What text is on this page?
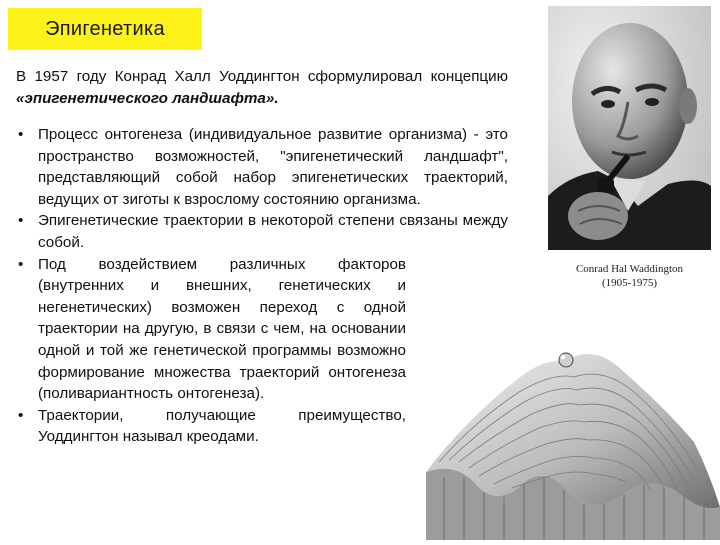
Эпигенетика
В 1957 году Конрад Халл Уоддингтон сформулировал концепцию «эпигенетического ландшафта».
• Процесс онтогенеза (индивидуальное развитие организма) - это пространство возможностей, "эпигенетический ландшафт", представляющий собой набор эпигенетических траекторий, ведущих от зиготы к взрослому состоянию организма.
• Эпигенетические траектории в некоторой степени связаны между собой.
• Под воздействием различных факторов (внутренних и внешних, генетических и негенетических) возможен переход с одной траектории на другую, в связи с чем, на основании одной и той же генетической программы возможно формирование множества траекторий онтогенеза (поливариантность онтогенеза).
• Траектории, получающие преимущество, Уоддингтон называл креодами.
Conrad Hal Waddington
(1905-1975)
